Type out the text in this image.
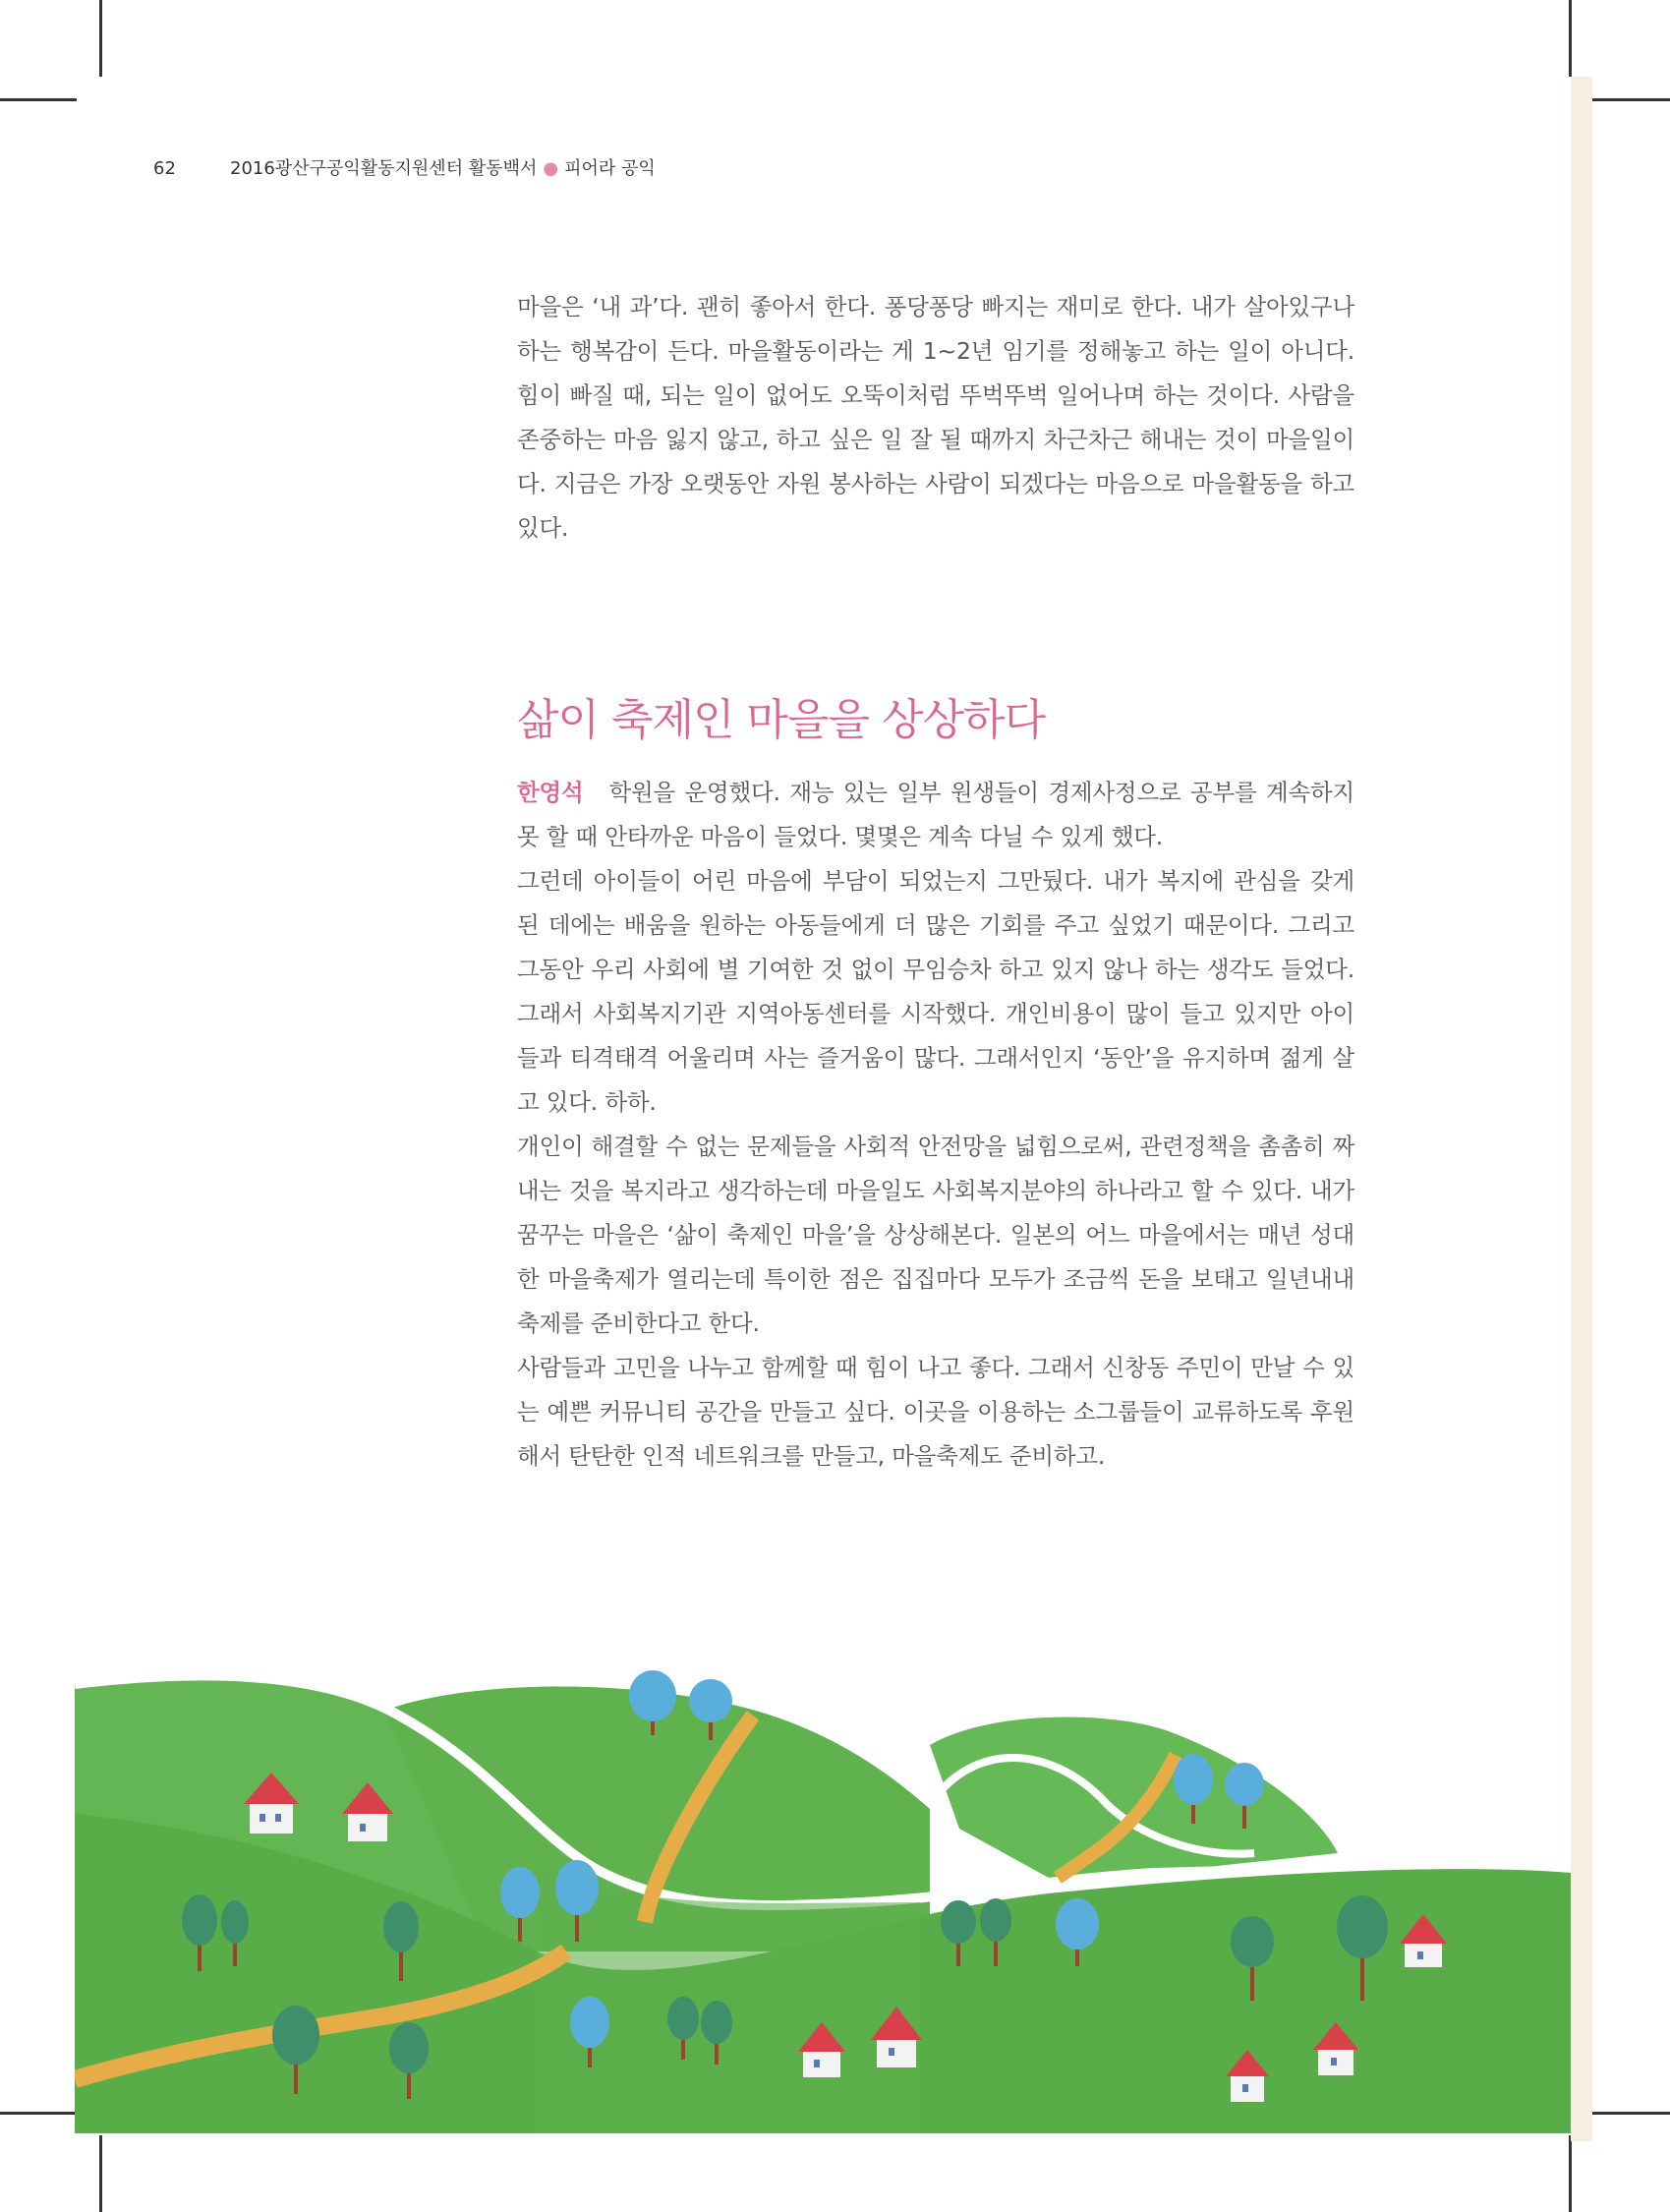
62	2016광산구공익활동지원센터 활동백서 ● 피어라 공익

마을은 ‘내 과’다. 괜히 좋아서 한다. 퐁당퐁당 빠지는 재미로 한다. 내가 살아있구나 하는 행복감이 든다. 마을활동이라는 게 1~2년 임기를 정해놓고 하는 일이 아니다. 힘이 빠질 때, 되는 일이 없어도 오뚝이처럼 뚜벅뚜벅 일어나며 하는 것이다. 사람을 존중하는 마음 잃지 않고, 하고 싶은 일 잘 될 때까지 차근차근 해내는 것이 마을일이다. 지금은 가장 오랫동안 자원 봉사하는 사람이 되겠다는 마음으로 마을활동을 하고 있다.

삶이 축제인 마을을 상상하다

한영석 학원을 운영했다. 재능 있는 일부 원생들이 경제사정으로 공부를 계속하지 못 할 때 안타까운 마음이 들었다. 몇몇은 계속 다닐 수 있게 했다.

그런데 아이들이 어린 마음에 부담이 되었는지 그만뒀다. 내가 복지에 관심을 갖게 된 데에는 배움을 원하는 아동들에게 더 많은 기회를 주고 싶었기 때문이다. 그리고 그동안 우리 사회에 별 기여한 것 없이 무임승차 하고 있지 않나 하는 생각도 들었다. 그래서 사회복지기관 지역아동센터를 시작했다. 개인비용이 많이 들고 있지만 아이들과 티격태격 어울리며 사는 즐거움이 많다. 그래서인지 ‘동안’을 유지하며 젊게 살고 있다. 하하.

개인이 해결할 수 없는 문제들을 사회적 안전망을 넓힘으로써, 관련정책을 촘촘히 짜내는 것을 복지라고 생각하는데 마을일도 사회복지분야의 하나라고 할 수 있다. 내가 꿈꾸는 마을은 ‘삶이 축제인 마을’을 상상해본다. 일본의 어느 마을에서는 매년 성대한 마을축제가 열리는데 특이한 점은 집집마다 모두가 조금씩 돈을 보태고 일년내내 축제를 준비한다고 한다.

사람들과 고민을 나누고 함께할 때 힘이 나고 좋다. 그래서 신창동 주민이 만날 수 있는 예쁜 커뮤니티 공간을 만들고 싶다. 이곳을 이용하는 소그룹들이 교류하도록 후원해서 탄탄한 인적 네트워크를 만들고, 마을축제도 준비하고.
